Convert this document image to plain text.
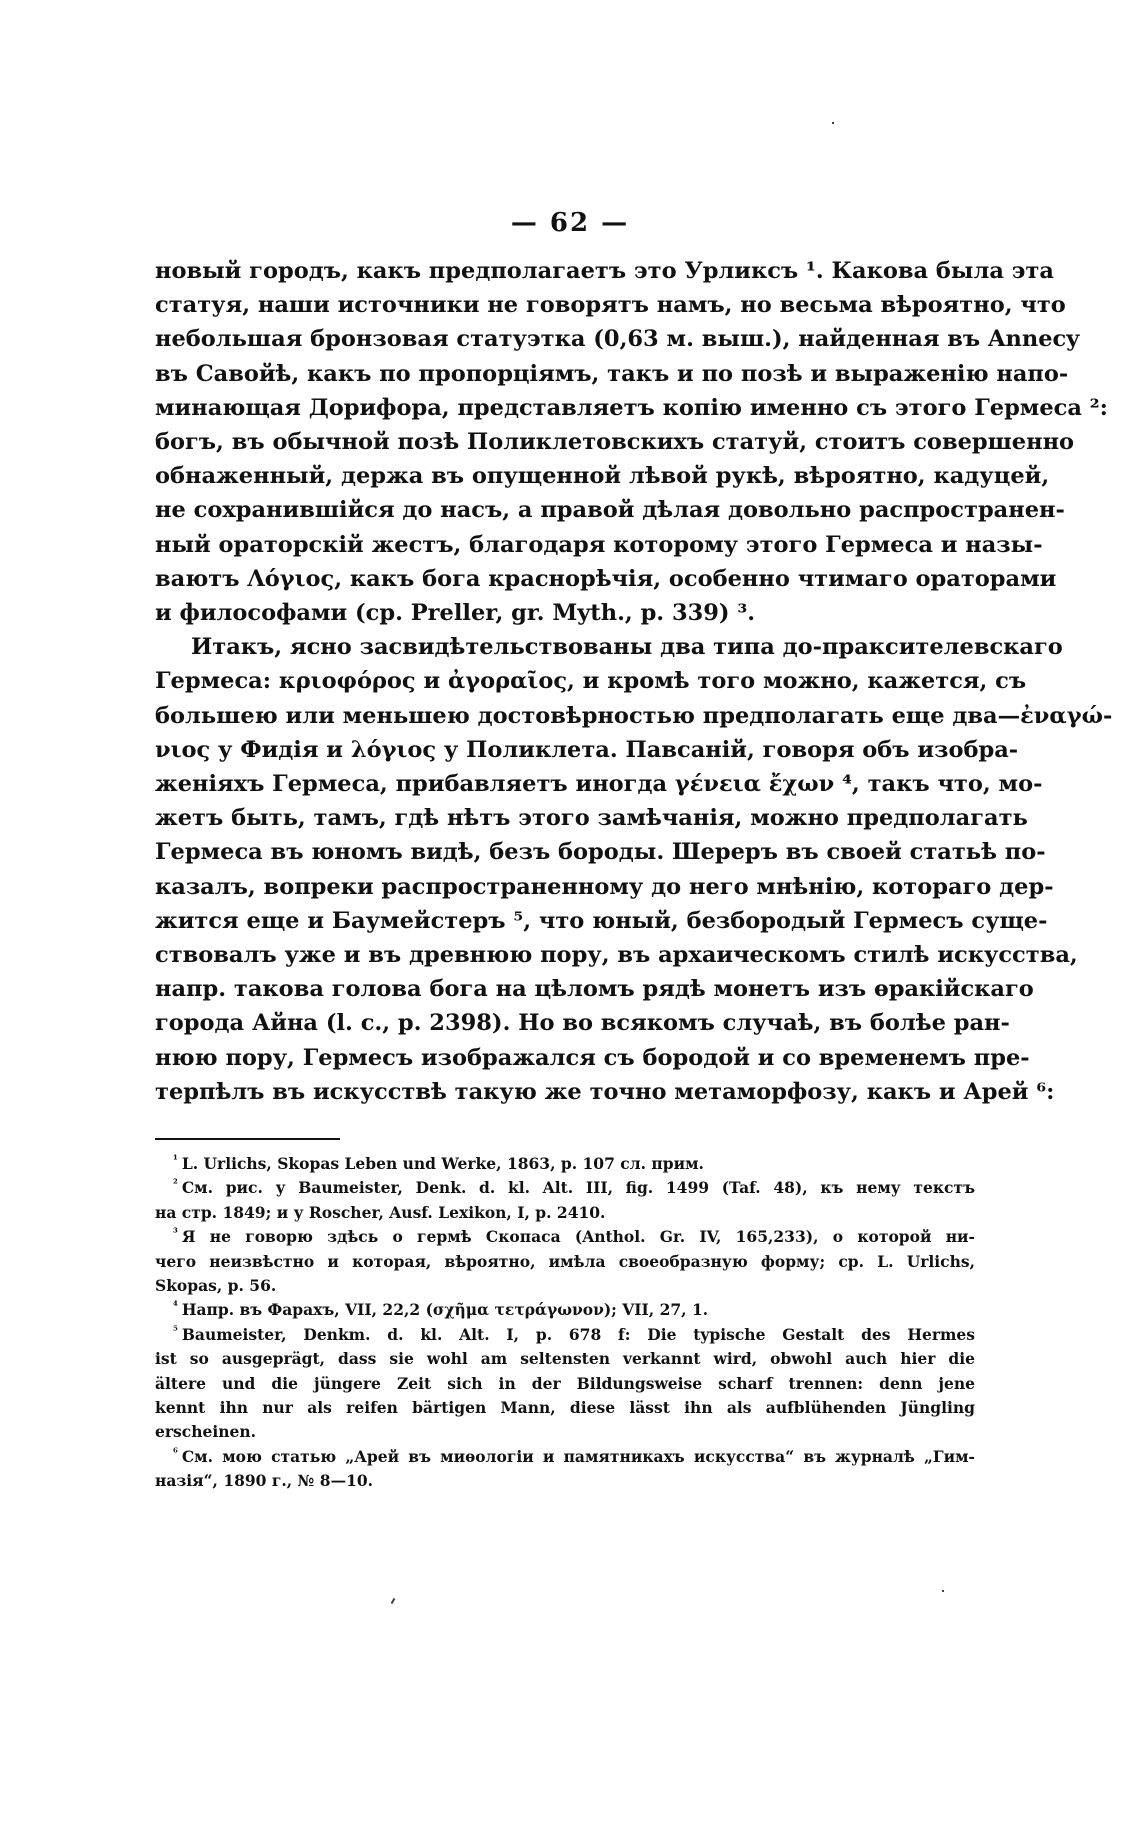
— 62 —

новый городъ, какъ предполагаетъ это Урликсъ ¹. Какова была эта
статуя, наши источники не говорятъ намъ, но весьма вѣроятно, что
небольшая бронзовая статуэтка (0,63 м. выш.), найденная въ Annecy
въ Савойѣ, какъ по пропорціямъ, такъ и по позѣ и выраженію напо-
минающая Дорифора, представляетъ копію именно съ этого Гермеса ²:
богъ, въ обычной позѣ Поликлетовскихъ статуй, стоитъ совершенно
обнаженный, держа въ опущенной лѣвой рукѣ, вѣроятно, кадуцей,
не сохранившійся до насъ, а правой дѣлая довольно распространен-
ный ораторскій жестъ, благодаря которому этого Гермеса и назы-
ваютъ Λόγιος, какъ бога краснорѣчія, особенно чтимаго ораторами
и философами (ср. Preller, gr. Myth., p. 339) ³.

Итакъ, ясно засвидѣтельствованы два типа до-праксителевскаго
Гермеса: κριοφόρος и ἀγοραῖος, и кромѣ того можно, кажется, съ
большею или меньшею достовѣрностью предполагать еще два—ἐναγώ-
νιος у Фидія и λόγιος у Поликлета. Павсаній, говоря объ изобра-
женіяхъ Гермеса, прибавляетъ иногда γένεια ἔχων ⁴, такъ что, мо-
жетъ быть, тамъ, гдѣ нѣтъ этого замѣчанія, можно предполагать
Гермеса въ юномъ видѣ, безъ бороды. Шереръ въ своей статьѣ по-
казалъ, вопреки распространенному до него мнѣнію, котораго дер-
жится еще и Баумейстеръ ⁵, что юный, безбородый Гермесъ суще-
ствовалъ уже и въ древнюю пору, въ архаическомъ стилѣ искусства,
напр. такова голова бога на цѣломъ рядѣ монетъ изъ ѳракійскаго
города Айна (l. c., p. 2398). Но во всякомъ случаѣ, въ болѣе ран-
нюю пору, Гермесъ изображался съ бородой и со временемъ пре-
терпѣлъ въ искусствѣ такую же точно метаморфозу, какъ и Арей ⁶:

$^{^1}$ L. Urlichs, Skopas Leben und Werke, 1863, p. 107 сл. прим.

$^{^2}$ См. рис. у Baumeister, Denk. d. kl. Alt. III, fig. 1499 (Taf. 48), къ нему текстъ
на стр. 1849; и у Roscher, Ausf. Lexikon, I, p. 2410.

$^{^3}$ Я не говорю здѣсь о гермѣ Скопаса (Anthol. Gr. IV, 165,233), о которой ни-
чего неизвѣстно и которая, вѣроятно, имѣла своеобразную форму; ср. L. Urlichs,
Skopas, p. 56.

$^{^4}$ Напр. въ Фарахъ, VII, 22,2 (σχῆμα τετράγωνον); VII, 27, 1.

$^{^5}$ Baumeister, Denkm. d. kl. Alt. I, p. 678 f: Die typische Gestalt des Hermes
ist so ausgeprägt, dass sie wohl am seltensten verkannt wird, obwohl auch hier die
ältere und die jüngere Zeit sich in der Bildungsweise scharf trennen: denn jene
kennt ihn nur als reifen bärtigen Mann, diese lässt ihn als aufblühenden Jüngling
erscheinen.

$^{^6}$ См. мою статью „Арей въ миѳологіи и памятникахъ искусства“ въ журналѣ „Гим-
назія“, 1890 г., № 8—10.
